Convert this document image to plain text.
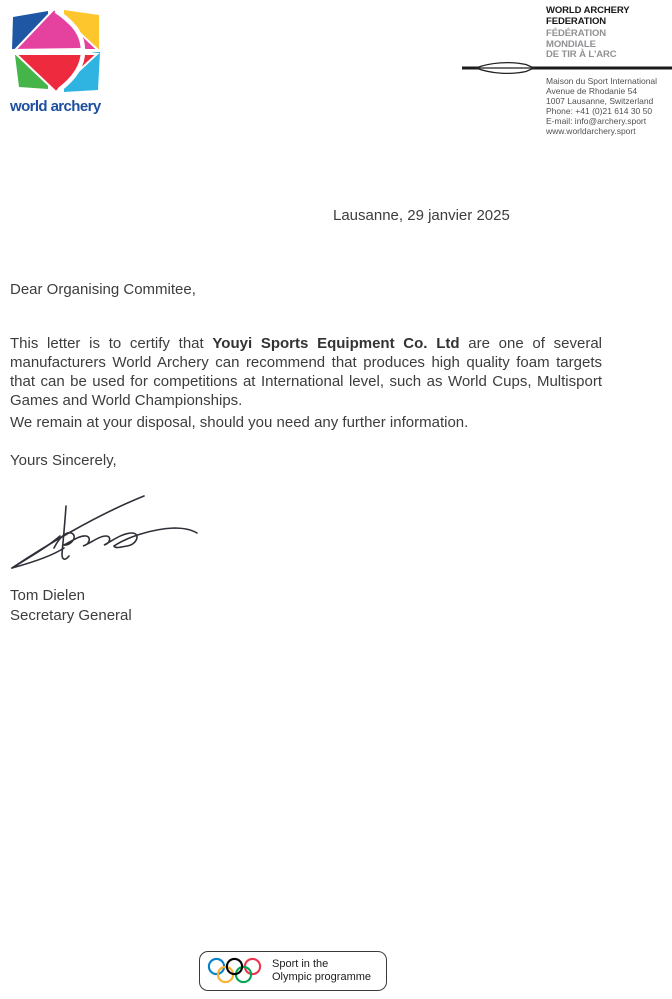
world archery
WORLD ARCHERY
FEDERATION
FÉDÉRATION
MONDIALE
DE TIR À L'ARC
Maison du Sport International
Avenue de Rhodanie 54
1007 Lausanne, Switzerland
Phone: +41 (0)21 614 30 50
E-mail: info@archery.sport
www.worldarchery.sport
Lausanne, 29 janvier 2025
Dear Organising Commitee,

This letter is to certify that Youyi Sports Equipment Co. Ltd are one of several manufacturers World Archery can recommend that produces high quality foam targets that can be used for competitions at International level, such as World Cups, Multisport Games and World Championships.

We remain at your disposal, should you need any further information.
Yours Sincerely,
Tom Dielen
Secretary General
Sport in the
Olympic programme
